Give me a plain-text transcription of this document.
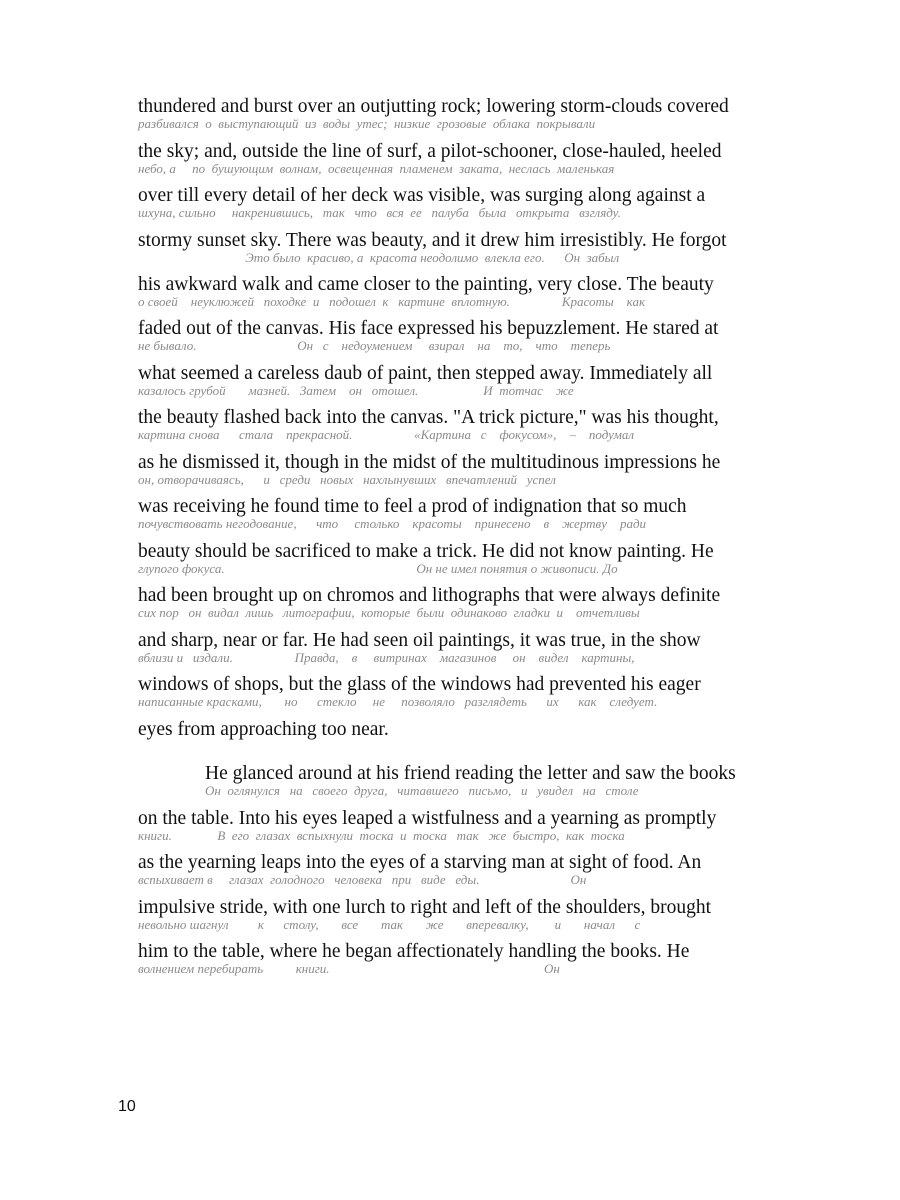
thundered and burst over an outjutting rock; lowering storm-clouds covered
разбивался  о  выступающий  из  воды  утес;  низкие  грозовые  облака  покрывали
the sky; and, outside the line of surf, a pilot-schooner, close-hauled, heeled
небо, а     по  бушующим  волнам,  освещенная  пламенем  заката,  неслась  маленькая
over till every detail of her deck was visible, was surging along against a
шхуна, сильно     накренившись,   так   что   вся  ее   палуба   была   открыта   взгляду.
stormy sunset sky. There was beauty, and it drew him irresistibly. He forgot
Это было  красиво, а  красота неодолимо  влекла его.      Он  забыл
his awkward walk and came closer to the painting, very close. The beauty
о своей    неуклюжей   походке  и   подошел  к   картине  вплотную.                Красоты    как
faded out of the canvas. His face expressed his bepuzzlement. He stared at
не бывало.                               Он   с    недоумением     взирал    на    то,    что    теперь
what seemed a careless daub of paint, then stepped away. Immediately all
казалось грубой       мазней.   Затем    он   отошел.                    И  тотчас    же
the beauty flashed back into the canvas. "A trick picture," was his thought,
картина снова      стала    прекрасной.                   «Картина   с    фокусом»,    –    подумал
as he dismissed it, though in the midst of the multitudinous impressions he
он, отворачиваясь,      и   среди   новых   нахлынувших   впечатлений   успел
was receiving he found time to feel a prod of indignation that so much
почувствовать негодование,      что     столько    красоты    принесено    в    жертву    ради
beauty should be sacrificed to make a trick. He did not know painting. He
глупого фокуса.                                                           Он не имел понятия о живописи. До
had been brought up on chromos and lithographs that were always definite
сих пор   он  видал  лишь   литографии,  которые  были  одинаково  гладки  и    отчетливы
and sharp, near or far. He had seen oil paintings, it was true, in the show
вблизи и   издали.                   Правда,    в     витринах    магазинов     он    видел    картины,
windows of shops, but the glass of the windows had prevented his eager
написанные красками,       но      стекло     не     позволяло   разглядеть      их      как    следует.
eyes from approaching too near.
He glanced around at his friend reading the letter and saw the books
Он  оглянулся   на   своего  друга,   читавшего   письмо,   и   увидел   на   столе
on the table. Into his eyes leaped a wistfulness and a yearning as promptly
книги.              В  его  глазах  вспыхнули  тоска  и  тоска   так   же  быстро,  как  тоска
as the yearning leaps into the eyes of a starving man at sight of food. An
вспыхивает в     глазах  голодного   человека   при   виде   еды.                            Он
impulsive stride, with one lurch to right and left of the shoulders, brought
невольно шагнул         к      столу,       все       так       же       вперевалку,        и       начал      с
him to the table, where he began affectionately handling the books. He
волнением перебирать          книги.                                                                  Он
10
